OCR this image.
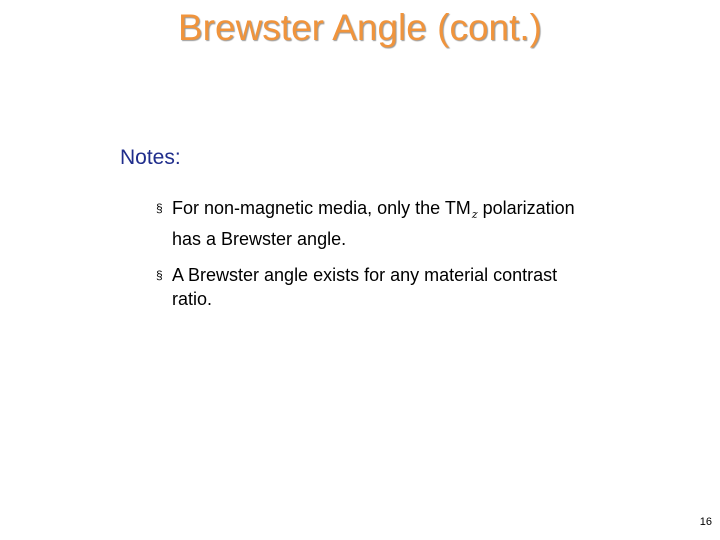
Brewster Angle (cont.)
Notes:
§ For non-magnetic media, only the $TM_z$ polarization has a Brewster angle.
§ A Brewster angle exists for any material contrast ratio.
16
